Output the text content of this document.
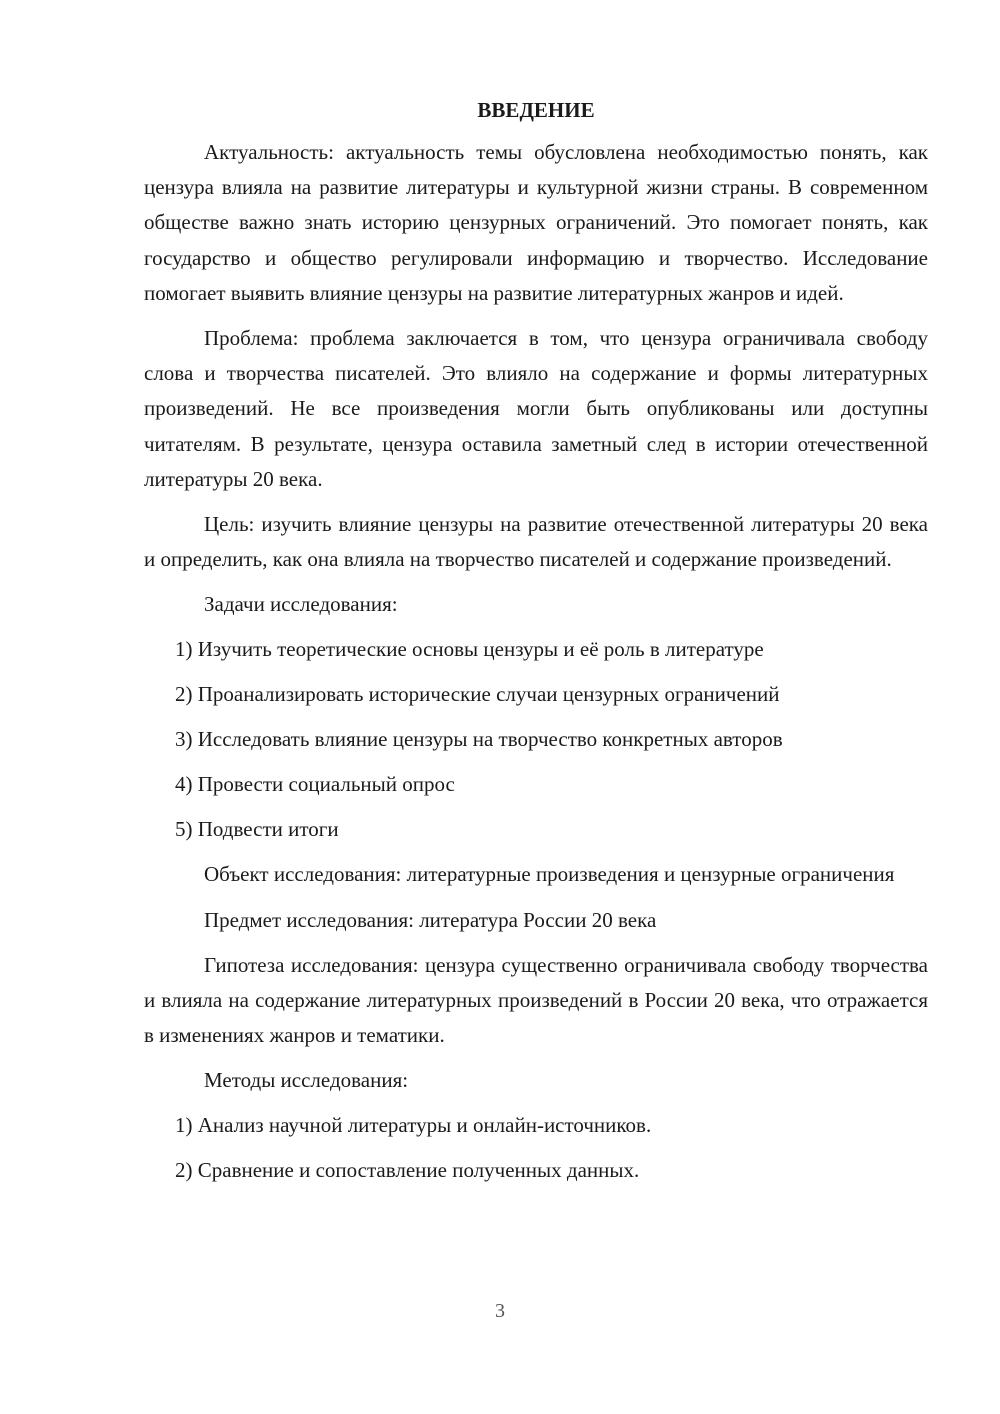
ВВЕДЕНИЕ

Актуальность: актуальность темы обусловлена необходимостью понять, как цензура влияла на развитие литературы и культурной жизни страны. В современном обществе важно знать историю цензурных ограничений. Это помогает понять, как государство и общество регулировали информацию и творчество. Исследование помогает выявить влияние цензуры на развитие литературных жанров и идей.

Проблема: проблема заключается в том, что цензура ограничивала свободу слова и творчества писателей. Это влияло на содержание и формы литературных произведений. Не все произведения могли быть опубликованы или доступны читателям. В результате, цензура оставила заметный след в истории отечественной литературы 20 века.

Цель: изучить влияние цензуры на развитие отечественной литературы 20 века и определить, как она влияла на творчество писателей и содержание произведений.

Задачи исследования:

1) Изучить теоретические основы цензуры и её роль в литературе

2) Проанализировать исторические случаи цензурных ограничений

3) Исследовать влияние цензуры на творчество конкретных авторов

4) Провести социальный опрос

5) Подвести итоги

Объект исследования: литературные произведения и цензурные ограничения

Предмет исследования: литература России 20 века

Гипотеза исследования: цензура существенно ограничивала свободу творчества и влияла на содержание литературных произведений в России 20 века, что отражается в изменениях жанров и тематики.

Методы исследования:

1) Анализ научной литературы и онлайн-источников.

2) Сравнение и сопоставление полученных данных.

3
